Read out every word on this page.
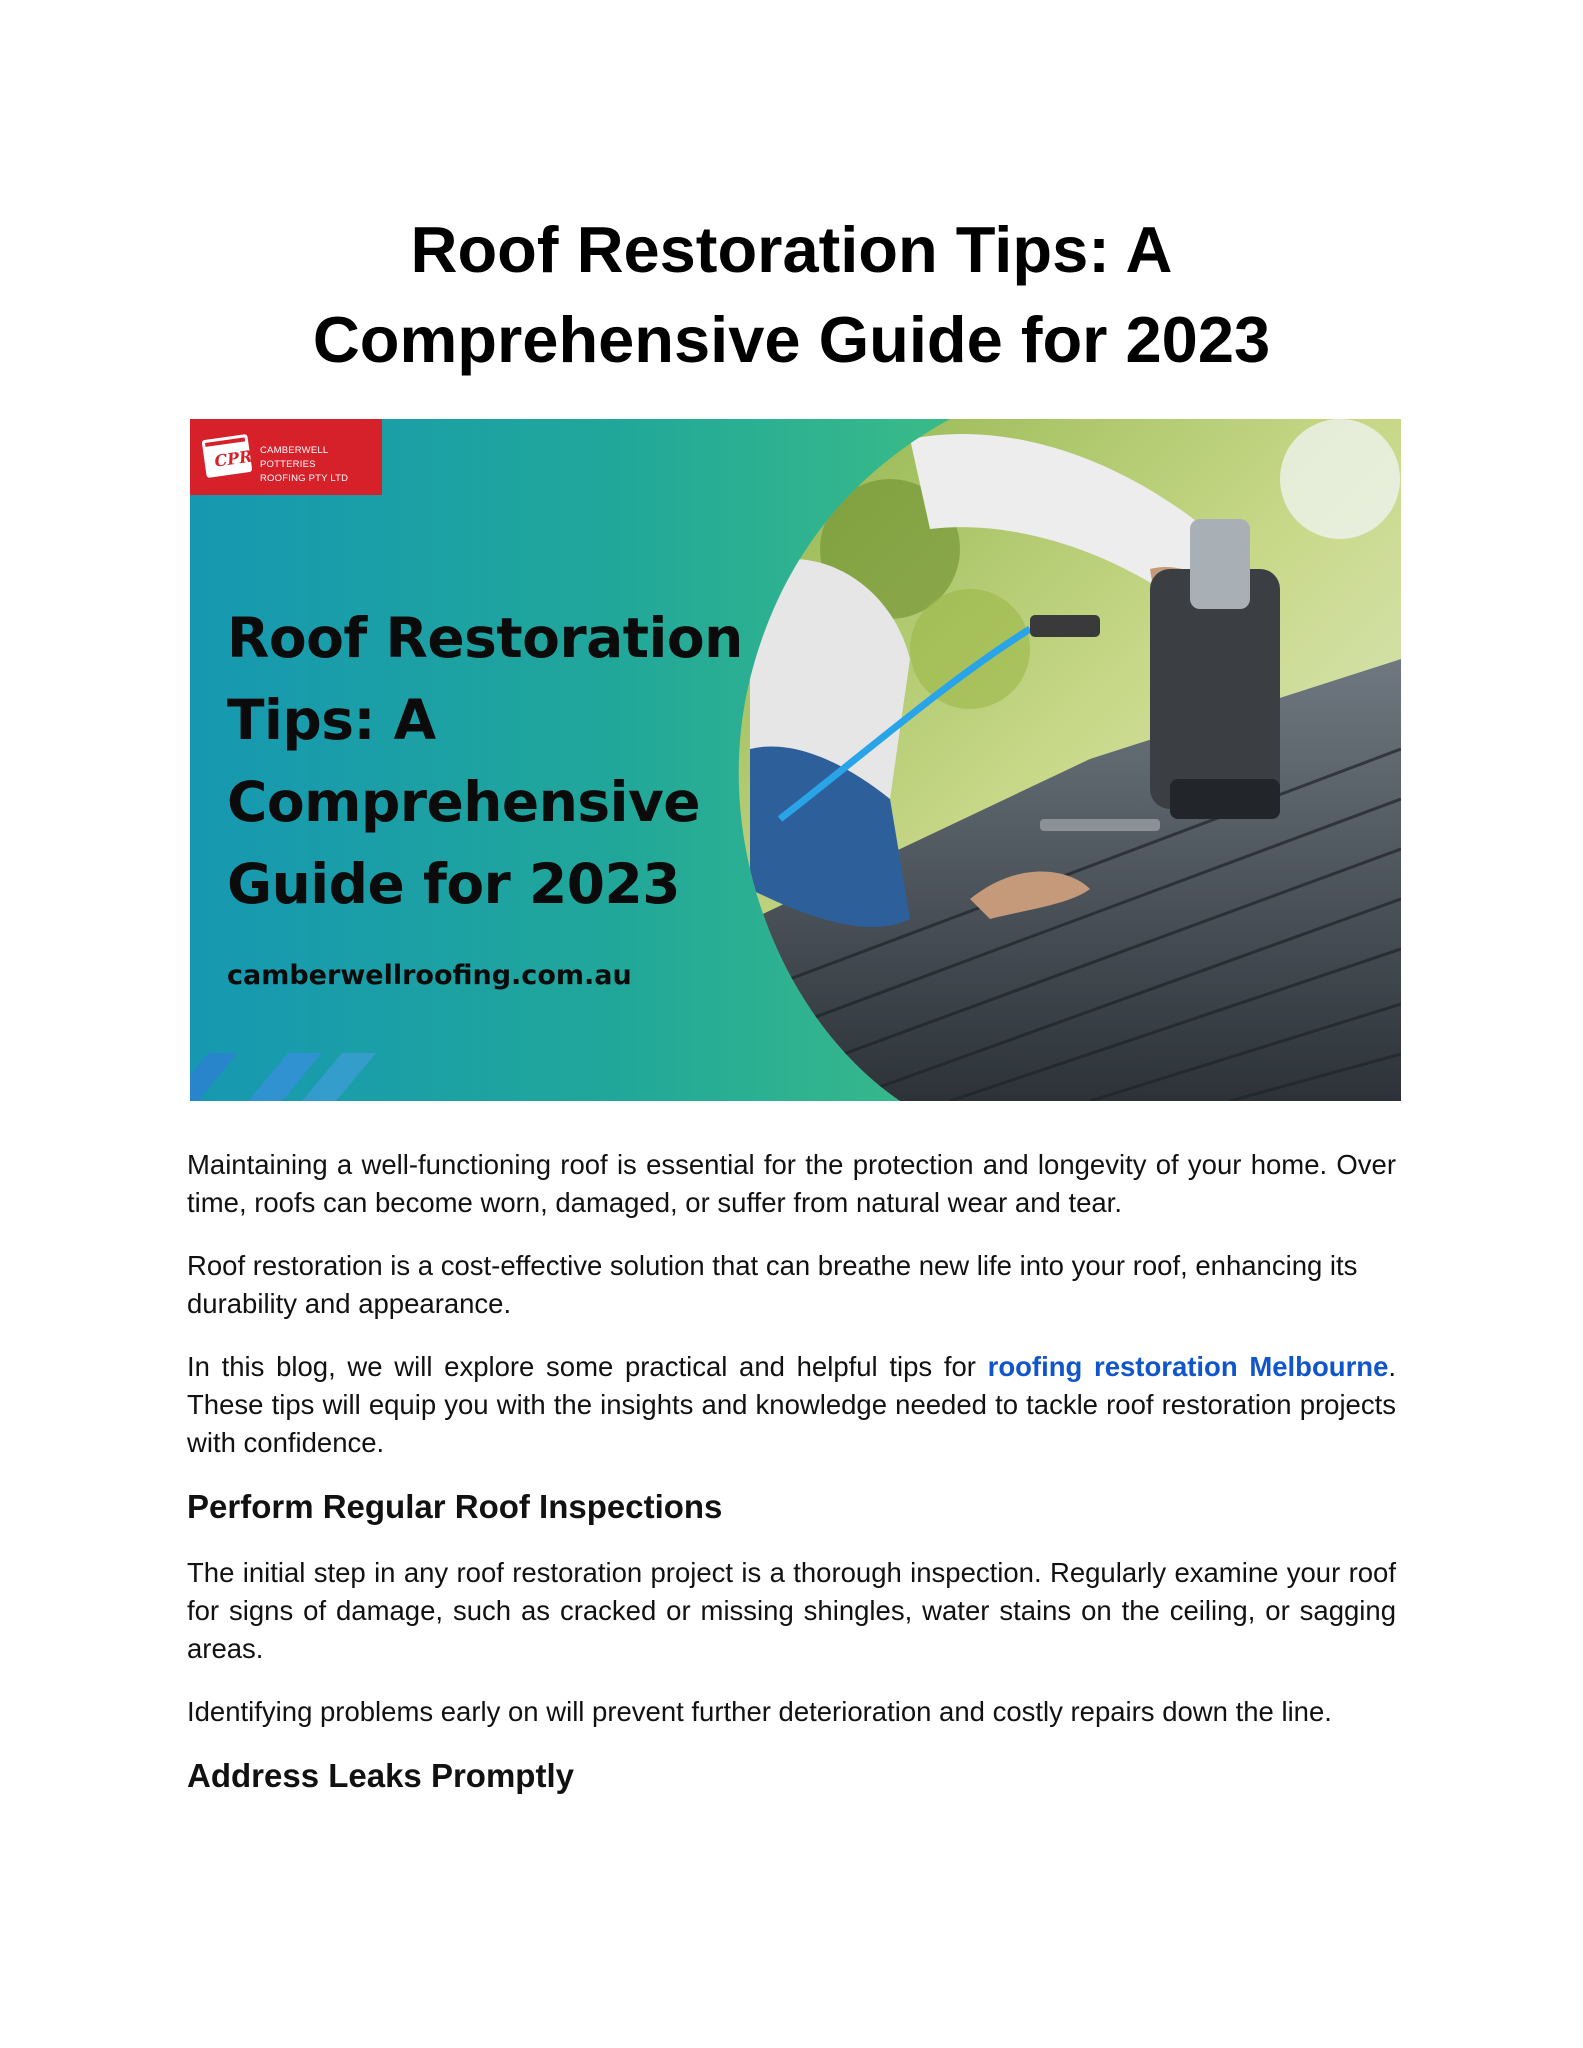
Roof Restoration Tips: A
Comprehensive Guide for 2023
CPR CAMBERWELL POTTERIES
ROOFING PTY LTD
Roof Restoration
Tips: A
Comprehensive
Guide for 2023
camberwellroofing.com.au

Maintaining a well-functioning roof is essential for the protection and longevity of your home. Over time, roofs can become worn, damaged, or suffer from natural wear and tear.

Roof restoration is a cost-effective solution that can breathe new life into your roof, enhancing its durability and appearance.

In this blog, we will explore some practical and helpful tips for roofing restoration Melbourne. These tips will equip you with the insights and knowledge needed to tackle roof restoration projects with confidence.

Perform Regular Roof Inspections

The initial step in any roof restoration project is a thorough inspection. Regularly examine your roof for signs of damage, such as cracked or missing shingles, water stains on the ceiling, or sagging areas.

Identifying problems early on will prevent further deterioration and costly repairs down the line.

Address Leaks Promptly
